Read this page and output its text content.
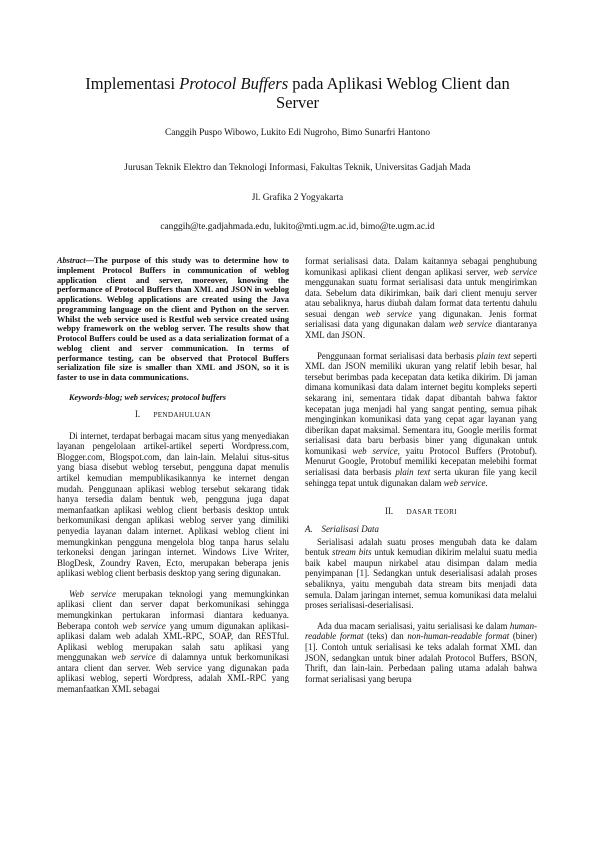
Implementasi Protocol Buffers pada Aplikasi Weblog Client dan
Server
Canggih Puspo Wibowo, Lukito Edi Nugroho, Bimo Sunarfri Hantono
Jurusan Teknik Elektro dan Teknologi Informasi, Fakultas Teknik, Universitas Gadjah Mada
Jl. Grafika 2 Yogyakarta
canggih@te.gadjahmada.edu, lukito@mti.ugm.ac.id, bimo@te.ugm.ac.id

Abstract—The purpose of this study was to determine how to implement Protocol Buffers in communication of weblog application client and server, moreover, knowing the performance of Protocol Buffers than XML and JSON in weblog applications. Weblog applications are created using the Java programming language on the client and Python on the server. Whilst the web service used is Restful web service created using webpy framework on the weblog server. The results show that Protocol Buffers could be used as a data serialization format of a weblog client and server communication. In terms of performance testing, can be observed that Protocol Buffers serialization file size is smaller than XML and JSON, so it is faster to use in data communications.

Keywords-blog; web services; protocol buffers

I. PENDAHULUAN

Di internet, terdapat berbagai macam situs yang menyediakan layanan pengelolaan artikel-artikel seperti Wordpress.com, Blogger.com, Blogspot.com, dan lain-lain. Melalui situs-situs yang biasa disebut weblog tersebut, pengguna dapat menulis artikel kemudian mempublikasikannya ke internet dengan mudah. Penggunaan aplikasi weblog tersebut sekarang tidak hanya tersedia dalam bentuk web, pengguna juga dapat memanfaatkan aplikasi weblog client berbasis desktop untuk berkomunikasi dengan aplikasi weblog server yang dimiliki penyedia layanan dalam internet. Aplikasi weblog client ini memungkinkan pengguna mengelola blog tanpa harus selalu terkoneksi dengan jaringan internet. Windows Live Writer, BlogDesk, Zoundry Raven, Ecto, merupakan beberapa jenis aplikasi weblog client berbasis desktop yang sering digunakan.

Web service merupakan teknologi yang memungkinkan aplikasi client dan server dapat berkomunikasi sehingga memungkinkan pertukaran informasi diantara keduanya. Beberapa contoh web service yang umum digunakan aplikasi-aplikasi dalam web adalah XML-RPC, SOAP, dan RESTful. Aplikasi weblog merupakan salah satu aplikasi yang menggunakan web service di dalamnya untuk berkomunikasi antara client dan server. Web service yang digunakan pada aplikasi weblog, seperti Wordpress, adalah XML-RPC yang memanfaatkan XML sebagai

format serialisasi data. Dalam kaitannya sebagai penghubung komunikasi aplikasi client dengan aplikasi server, web service menggunakan suatu format serialisasi data untuk mengirimkan data. Sebelum data dikirimkan, baik dari client menuju server atau sebaliknya, harus diubah dalam format data tertentu dahulu sesuai dengan web service yang digunakan. Jenis format serialisasi data yang digunakan dalam web service diantaranya XML dan JSON.

Penggunaan format serialisasi data berbasis plain text seperti XML dan JSON memiliki ukuran yang relatif lebih besar, hal tersebut berimbas pada kecepatan data ketika dikirim. Di jaman dimana komunikasi data dalam internet begitu kompleks seperti sekarang ini, sementara tidak dapat dibantah bahwa faktor kecepatan juga menjadi hal yang sangat penting, semua pihak menginginkan komunikasi data yang cepat agar layanan yang diberikan dapat maksimal. Sementara itu, Google merilis format serialisasi data baru berbasis biner yang digunakan untuk komunikasi web service, yaitu Protocol Buffers (Protobuf). Menurut Google, Protobuf memiliki kecepatan melebihi format serialisasi data berbasis plain text serta ukuran file yang kecil sehingga tepat untuk digunakan dalam web service.

II. DASAR TEORI

A. Serialisasi Data

Serialisasi adalah suatu proses mengubah data ke dalam bentuk stream bits untuk kemudian dikirim melalui suatu media baik kabel maupun nirkabel atau disimpan dalam media penyimpanan [1]. Sedangkan untuk deserialisasi adalah proses sebaliknya, yaitu mengubah data stream bits menjadi data semula. Dalam jaringan internet, semua komunikasi data melalui proses serialisasi-deserialisasi.

Ada dua macam serialisasi, yaitu serialisasi ke dalam human-readable format (teks) dan non-human-readable format (biner) [1]. Contoh untuk serialisasi ke teks adalah format XML dan JSON, sedangkan untuk biner adalah Protocol Buffers, BSON, Thrift, dan lain-lain. Perbedaan paling utama adalah bahwa format serialisasi yang berupa
